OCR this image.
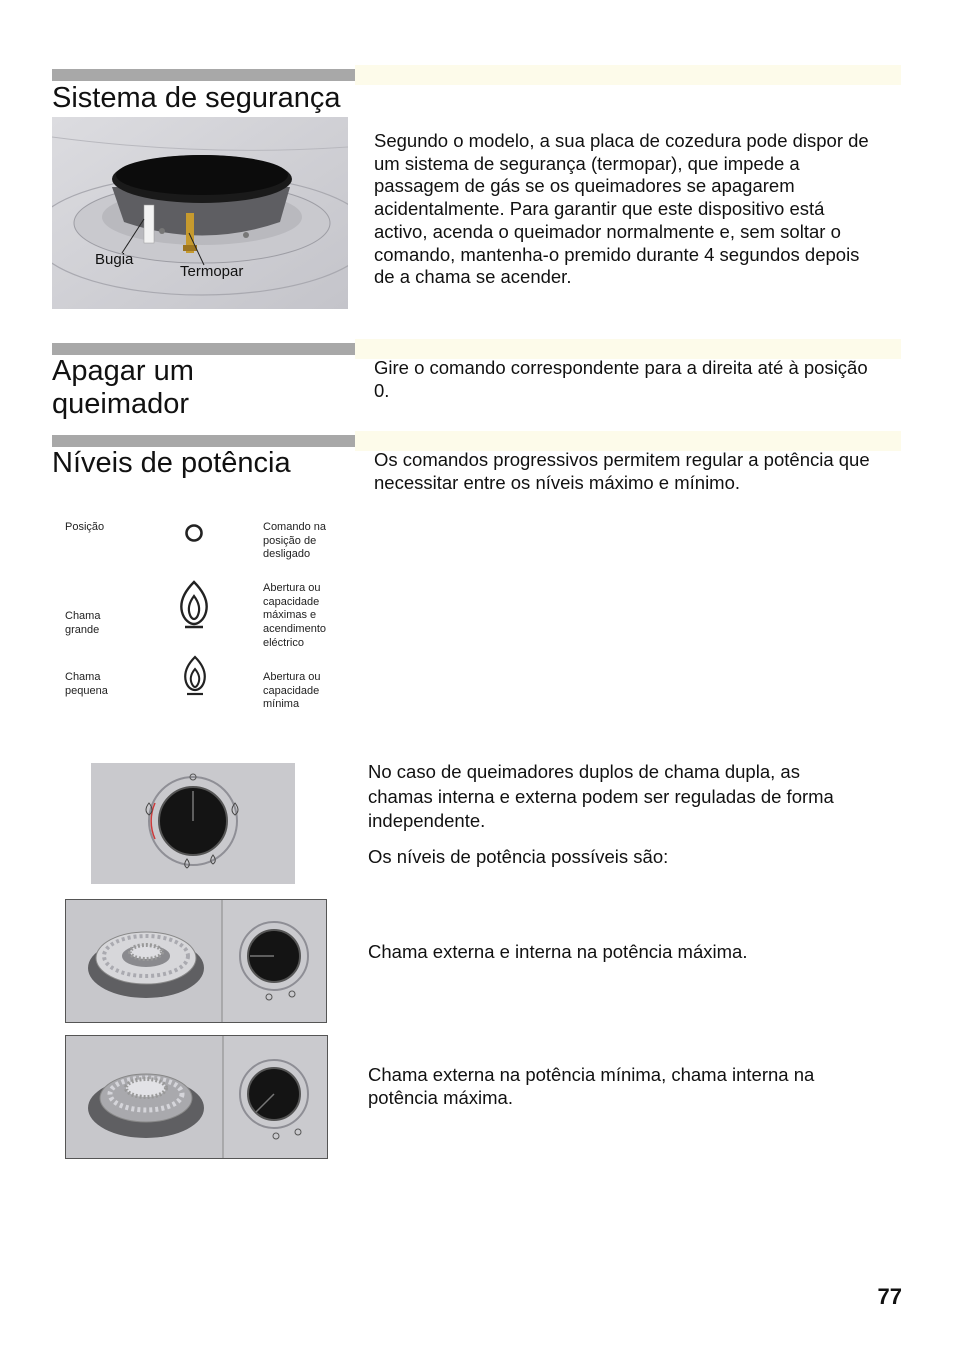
Sistema de segurança
Bugia
Termopar
Segundo o modelo, a sua placa de cozedura pode dispor de um sistema de segurança (termopar), que impede a passagem de gás se os queimadores se apagarem acidentalmente. Para garantir que este dispositivo está activo, acenda o queimador normalmente e, sem soltar o comando, mantenha-o premido durante 4 segundos depois de a chama se acender.
Apagar um
queimador
Gire o comando correspondente para a direita até à posição 0.
Níveis de potência	Os comandos progressivos permitem regular a potência que necessitar entre os níveis máximo e mínimo.
Posição	Comando na posição de desligado
Chama grande
Abertura ou capacidade máximas e acendimento eléctrico
Chama pequena
Abertura ou capacidade mínima
No caso de queimadores duplos de chama dupla, as chamas interna e externa podem ser reguladas de forma independente.
Os níveis de potência possíveis são:
Chama externa e interna na potência máxima.
Chama externa na potência mínima, chama interna na potência máxima.
77
